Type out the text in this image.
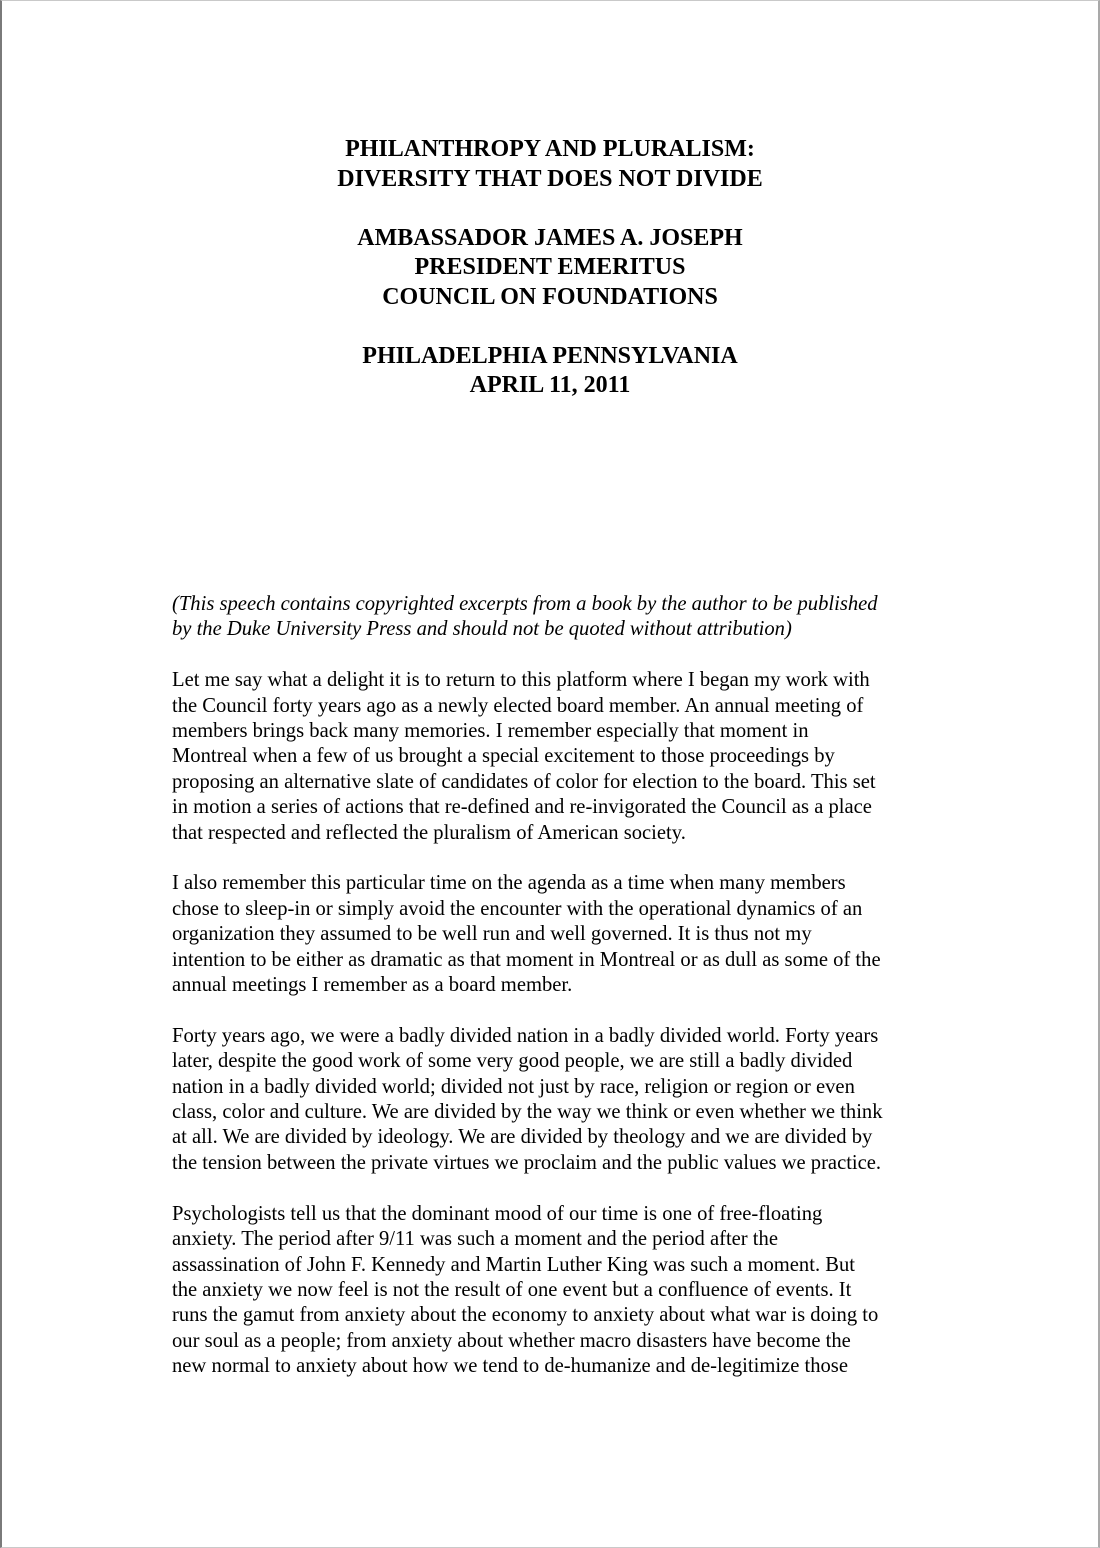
PHILANTHROPY AND PLURALISM:
DIVERSITY THAT DOES NOT DIVIDE
AMBASSADOR JAMES A. JOSEPH
PRESIDENT EMERITUS
COUNCIL ON FOUNDATIONS
PHILADELPHIA PENNSYLVANIA
APRIL 11, 2011
(This speech contains copyrighted excerpts from a book by the author to be published
by the Duke University Press and should not be quoted without attribution)
Let me say what a delight it is to return to this platform where I began my work with
the Council forty years ago as a newly elected board member. An annual meeting of
members brings back many memories. I remember especially that moment in
Montreal when a few of us brought a special excitement to those proceedings by
proposing an alternative slate of candidates of color for election to the board. This set
in motion a series of actions that re-defined and re-invigorated the Council as a place
that respected and reflected the pluralism of American society.
I also remember this particular time on the agenda as a time when many members
chose to sleep-in or simply avoid the encounter with the operational dynamics of an
organization they assumed to be well run and well governed. It is thus not my
intention to be either as dramatic as that moment in Montreal or as dull as some of the
annual meetings I remember as a board member.
Forty years ago, we were a badly divided nation in a badly divided world. Forty years
later, despite the good work of some very good people, we are still a badly divided
nation in a badly divided world; divided not just by race, religion or region or even
class, color and culture. We are divided by the way we think or even whether we think
at all. We are divided by ideology. We are divided by theology and we are divided by
the tension between the private virtues we proclaim and the public values we practice.
Psychologists tell us that the dominant mood of our time is one of free-floating
anxiety. The period after 9/11 was such a moment and the period after the
assassination of John F. Kennedy and Martin Luther King was such a moment. But
the anxiety we now feel is not the result of one event but a confluence of events. It
runs the gamut from anxiety about the economy to anxiety about what war is doing to
our soul as a people; from anxiety about whether macro disasters have become the
new normal to anxiety about how we tend to de-humanize and de-legitimize those
